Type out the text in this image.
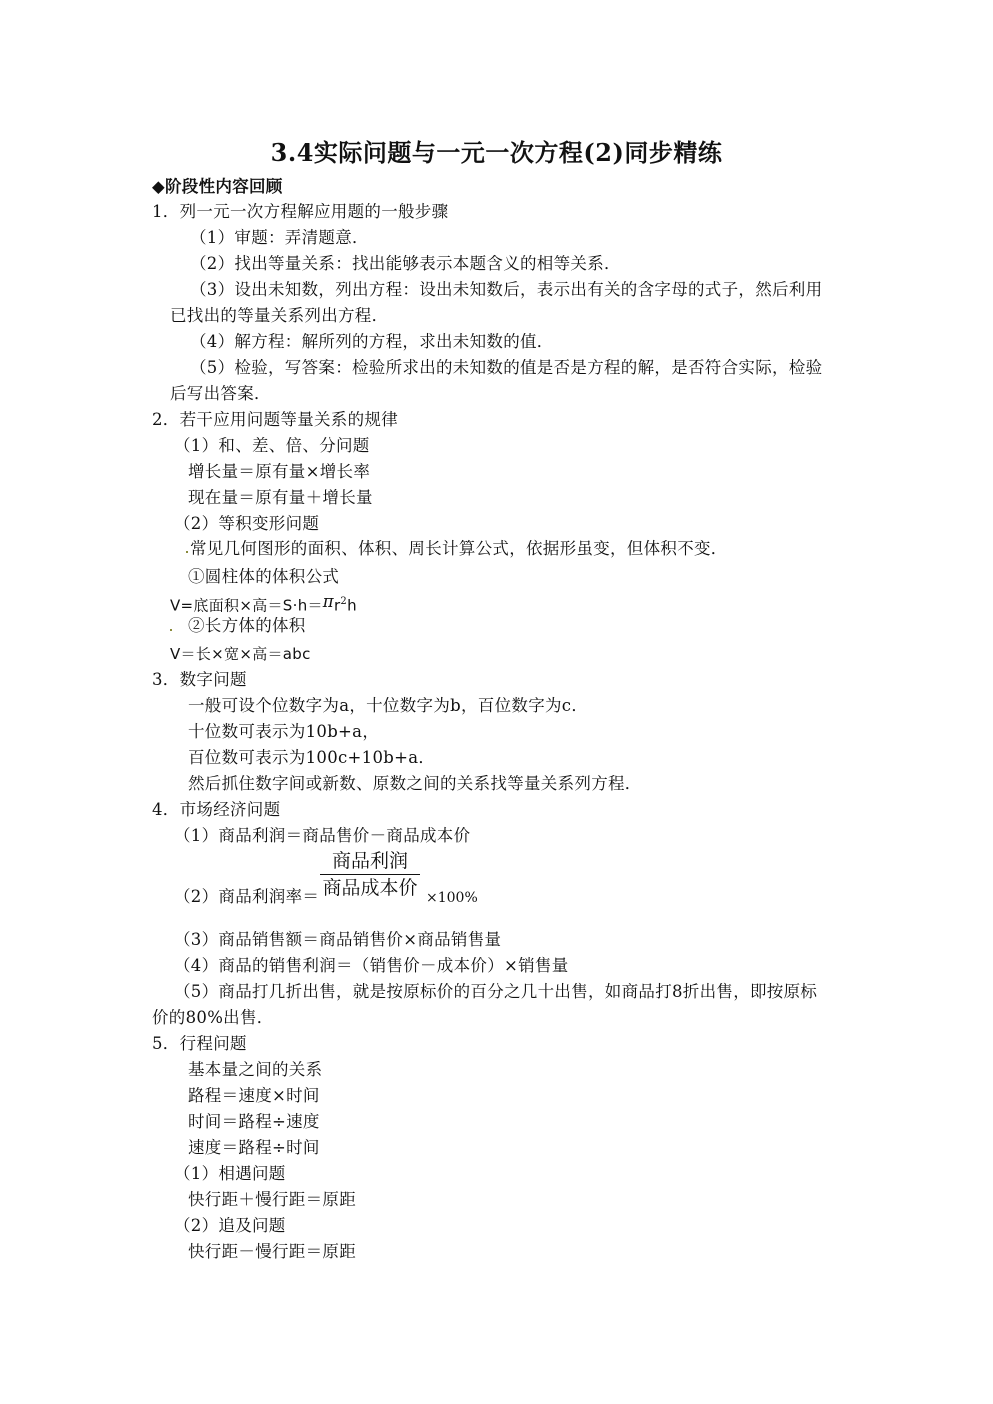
3.4实际问题与一元一次方程(2)同步精练
◆阶段性内容回顾
1．列一元一次方程解应用题的一般步骤
（1）审题：弄清题意．
（2）找出等量关系：找出能够表示本题含义的相等关系．
（3）设出未知数，列出方程：设出未知数后，表示出有关的含字母的式子，然后利用
已找出的等量关系列出方程．
（4）解方程：解所列的方程，求出未知数的值．
（5）检验，写答案：检验所求出的未知数的值是否是方程的解，是否符合实际，检验
后写出答案．
2．若干应用问题等量关系的规律
（1）和、差、倍、分问题
增长量＝原有量×增长率
现在量＝原有量＋增长量
（2）等积变形问题
常见几何图形的面积、体积、周长计算公式，依据形虽变，但体积不变．
①圆柱体的体积公式
V=底面积×高$=S\cdot h=\pi r^2h$
②长方体的体积
V＝长×宽×高＝abc
3．数字问题
一般可设个位数字为a，十位数字为b，百位数字为c．
十位数可表示为10b+a，
百位数可表示为100c+10b+a．
然后抓住数字间或新数、原数之间的关系找等量关系列方程．
4．市场经济问题
（1）商品利润＝商品售价－商品成本价
（2）商品利润率＝
商品利润
商品成本价 ×100%
（3）商品销售额＝商品销售价×商品销售量
（4）商品的销售利润＝（销售价－成本价）×销售量
（5）商品打几折出售，就是按原标价的百分之几十出售，如商品打8折出售，即按原标
价的80%出售．
5．行程问题
基本量之间的关系
路程＝速度×时间
时间＝路程÷速度
速度＝路程÷时间
（1）相遇问题
快行距＋慢行距＝原距
（2）追及问题
快行距－慢行距＝原距
